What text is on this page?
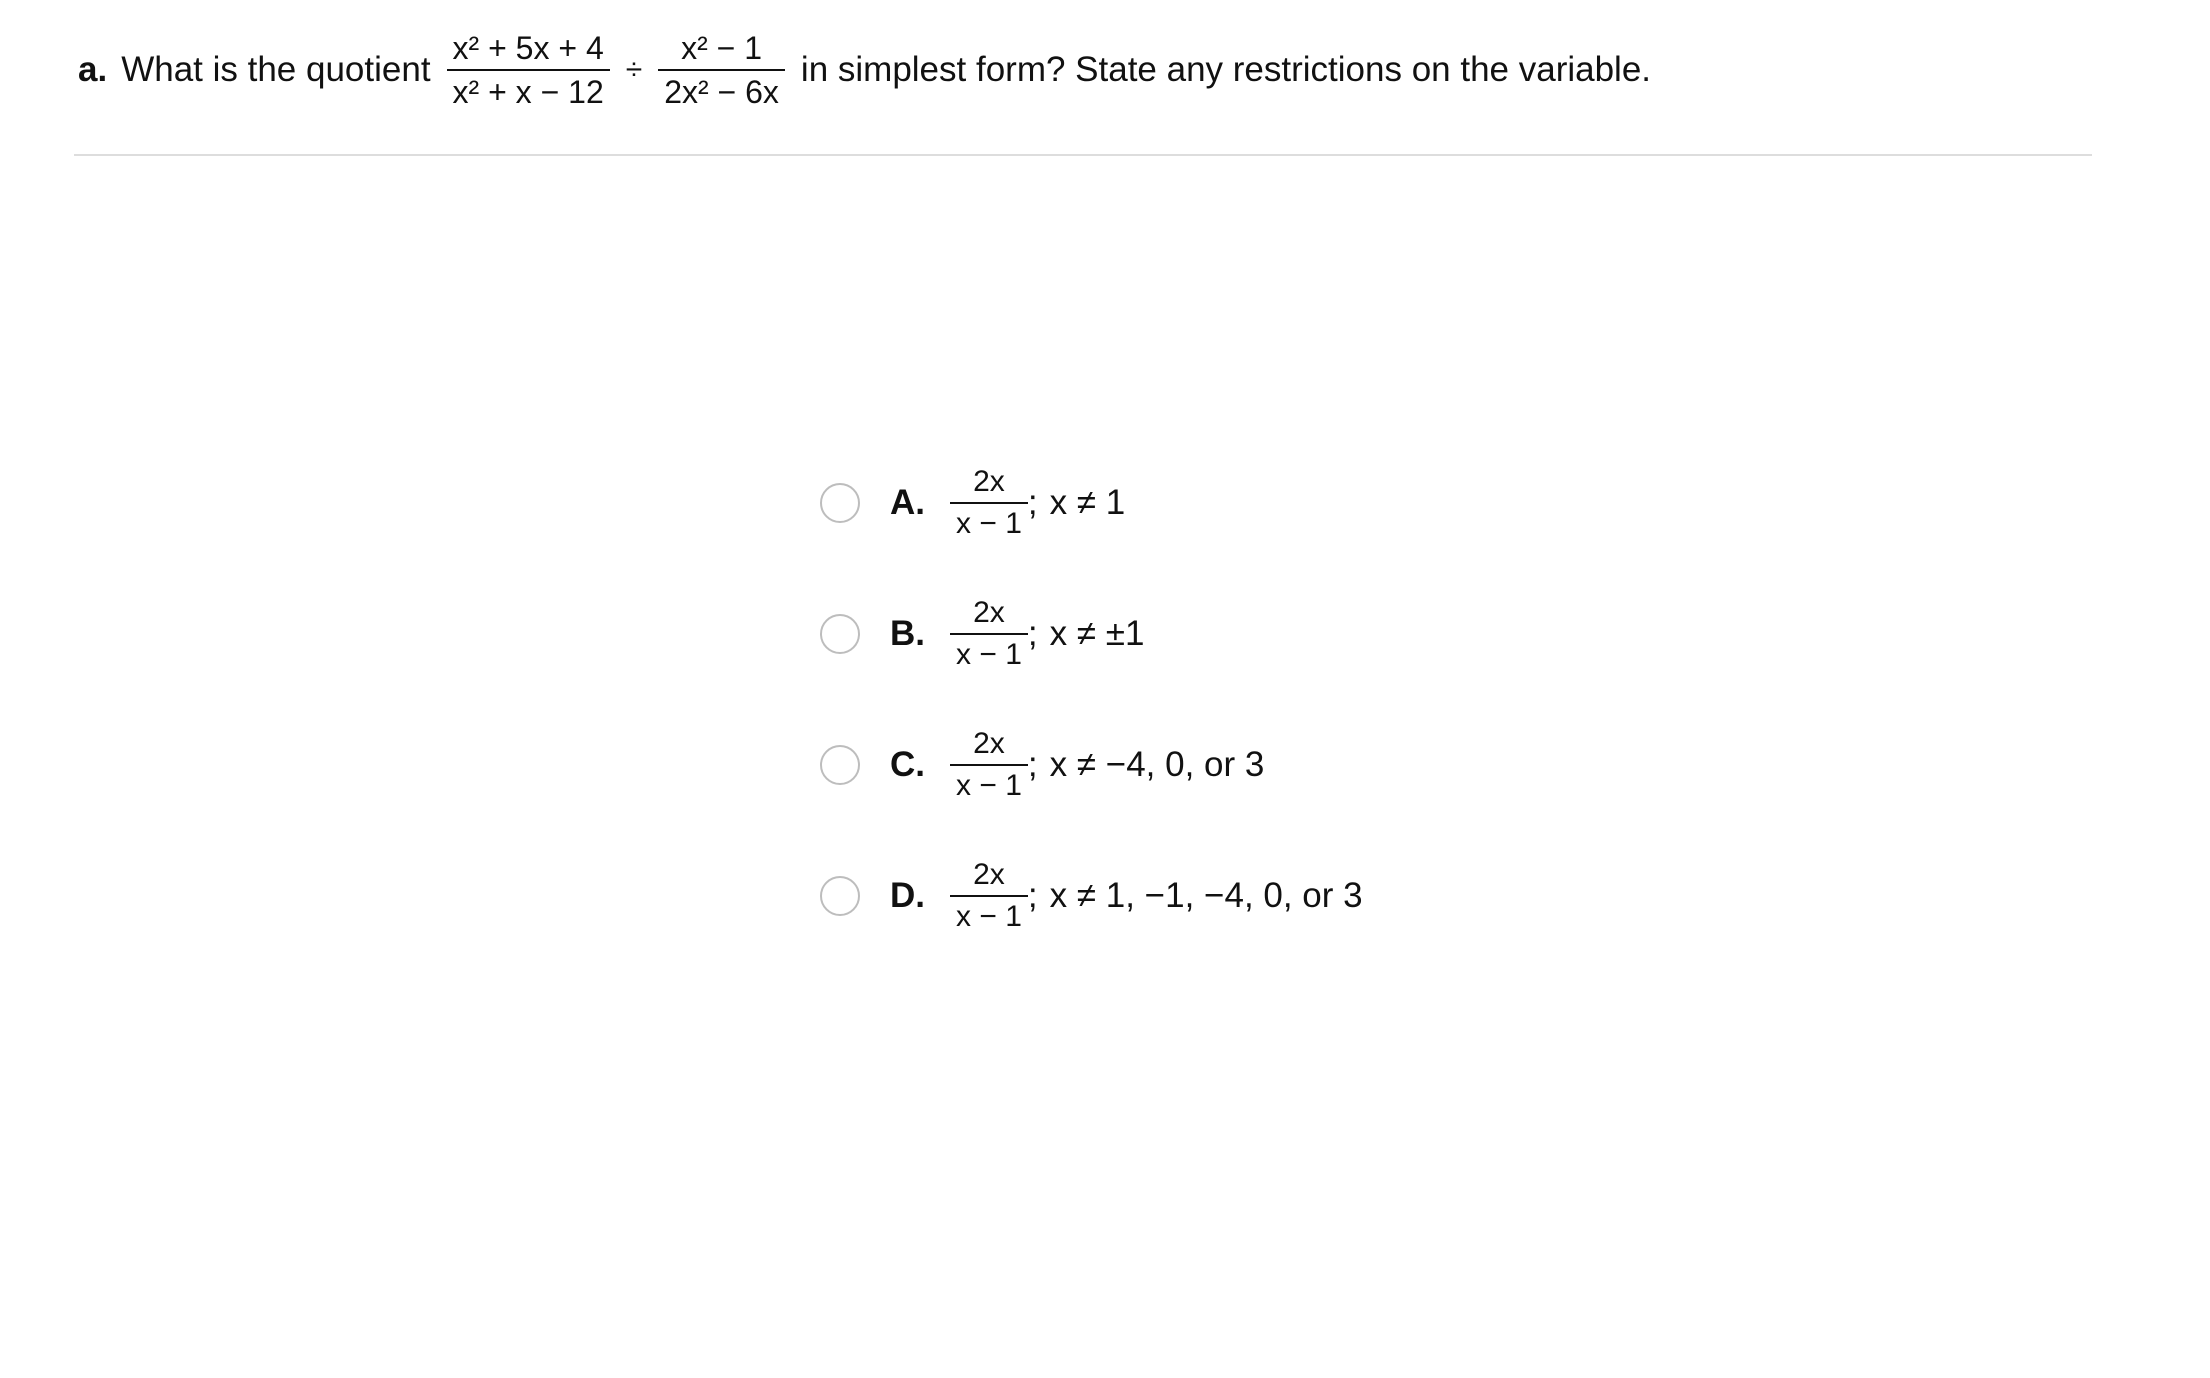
a. What is the quotient $\frac{\text{x² + 5x + 4}}{\text{x² + x − 12}} \div \frac{\text{x² − 1}}{\text{2x² − 6x}}$ in simplest form? State any restrictions on the variable.
A. $\frac{2x}{x - 1}$ ; x ≠ 1
B. $\frac{2x}{x - 1}$ ; x ≠ ±1
C. $\frac{2x}{x - 1}$ ; x ≠ −4, 0, or 3
D. $\frac{2x}{x - 1}$ ; x ≠ 1, −1, −4, 0, or 3
